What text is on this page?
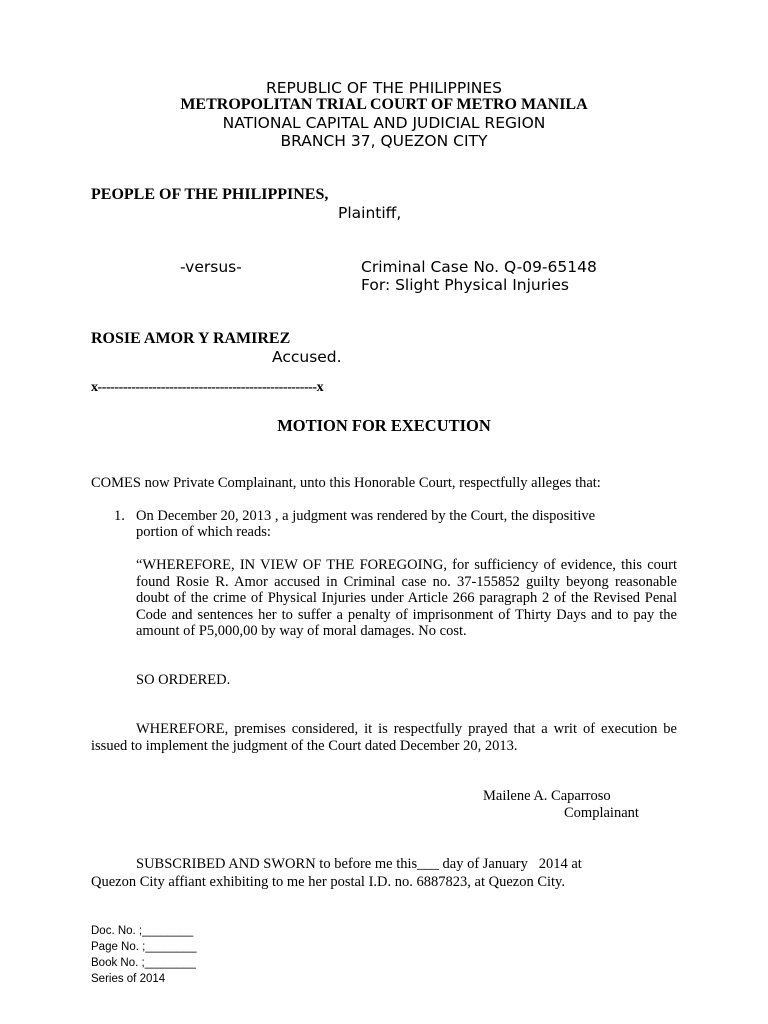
REPUBLIC OF THE PHILIPPINES
METROPOLITAN TRIAL COURT OF METRO MANILA
NATIONAL CAPITAL AND JUDICIAL REGION
BRANCH 37, QUEZON CITY
PEOPLE OF THE PHILIPPINES,
Plaintiff,
-versus-	Criminal Case No. Q-09-65148
For: Slight Physical Injuries
ROSIE AMOR Y RAMIREZ
Accused.
x----------------------------------------------------x
MOTION FOR EXECUTION
COMES now Private Complainant, unto this Honorable Court, respectfully alleges that:
1. On December 20, 2013 , a judgment was rendered by the Court, the dispositive
portion of which reads:
“WHEREFORE, IN VIEW OF THE FOREGOING, for sufficiency of evidence, this court found Rosie R. Amor accused in Criminal case no. 37-155852 guilty beyong reasonable doubt of the crime of Physical Injuries under Article 266 paragraph 2 of the Revised Penal Code and sentences her to suffer a penalty of imprisonment of Thirty Days and to pay the amount of P5,000,00 by way of moral damages. No cost.
SO ORDERED.
WHEREFORE, premises considered, it is respectfully prayed that a writ of execution be issued to implement the judgment of the Court dated December 20, 2013.
Mailene A. Caparroso
Complainant
SUBSCRIBED AND SWORN to before me this___ day of January   2014 at
Quezon City affiant exhibiting to me her postal I.D. no. 6887823, at Quezon City.
Doc. No. ;________
Page No. ;________
Book No. ;________
Series of 2014
